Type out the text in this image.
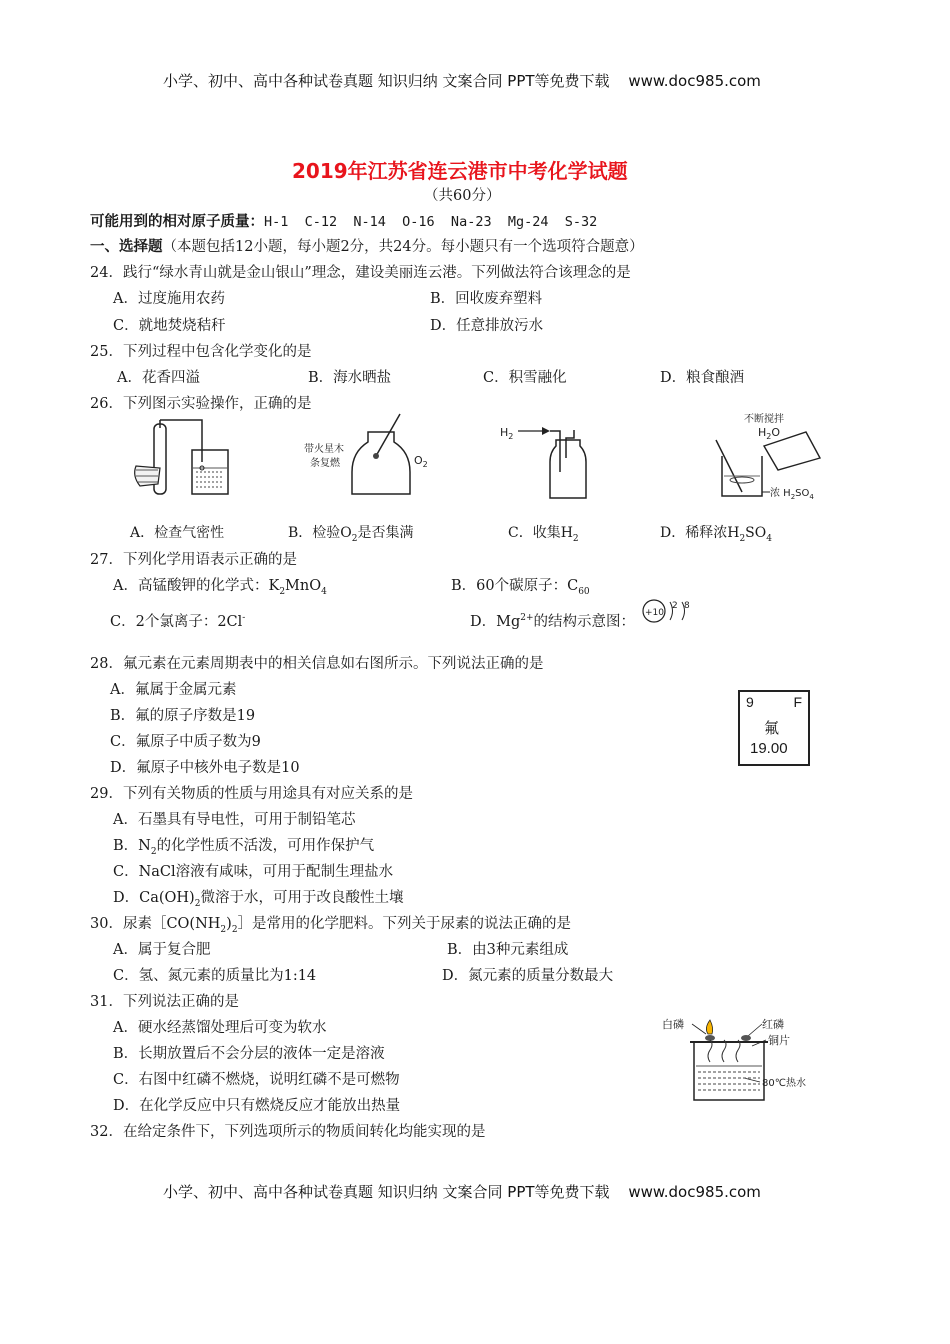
小学、初中、高中各种试卷真题 知识归纳 文案合同 PPT等免费下载 www.doc985.com
2019年江苏省连云港市中考化学试题
（共60分）
可能用到的相对原子质量：H-1  C-12  N-14  O-16  Na-23  Mg-24  S-32
一、选择题（本题包括12小题，每小题2分，共24分。每小题只有一个选项符合题意）
24．践行“绿水青山就是金山银山”理念，建设美丽连云港。下列做法符合该理念的是
A．过度施用农药	B．回收废弃塑料
C．就地焚烧秸秆	D．任意排放污水
25．下列过程中包含化学变化的是
A．花香四溢	B．海水晒盐	C．积雪融化	D．粮食酿酒
26．下列图示实验操作，正确的是
带火星木
条复燃	$O_2$
$H_2$
不断搅拌
$H_2O$
浓 $H_2SO_4$
A．检查气密性	B．检验$O_2$是否集满	C．收集$H_2$	D．稀释浓$H_2SO_4$
27．下列化学用语表示正确的是
A．高锰酸钾的化学式：$K_2MnO_4$	B．60个碳原子：$C_{60}$
C．2个氯离子：2Cl-	D．$Mg^{2+}$的结构示意图：
+10
2 8
28．氟元素在元素周期表中的相关信息如右图所示。下列说法正确的是
A．氟属于金属元素
B．氟的原子序数是19
C．氟原子中质子数为9
D．氟原子中核外电子数是10
9	F
氟
19.00
29．下列有关物质的性质与用途具有对应关系的是
A．石墨具有导电性，可用于制铅笔芯
B．$N_2$的化学性质不活泼，可用作保护气
C．NaCl溶液有咸味，可用于配制生理盐水
D．$Ca(OH)_2$微溶于水，可用于改良酸性土壤
30．尿素$[CO(NH_2)_2]$是常用的化学肥料。下列关于尿素的说法正确的是
A．属于复合肥	B．由3种元素组成
C．氢、氮元素的质量比为1:14	D．氮元素的质量分数最大
31．下列说法正确的是
A．硬水经蒸馏处理后可变为软水
B．长期放置后不会分层的液体一定是溶液
C．右图中红磷不燃烧，说明红磷不是可燃物
D．在化学反应中只有燃烧反应才能放出热量
白磷	红磷
铜片
80℃热水
32．在给定条件下，下列选项所示的物质间转化均能实现的是
小学、初中、高中各种试卷真题 知识归纳 文案合同 PPT等免费下载 www.doc985.com
